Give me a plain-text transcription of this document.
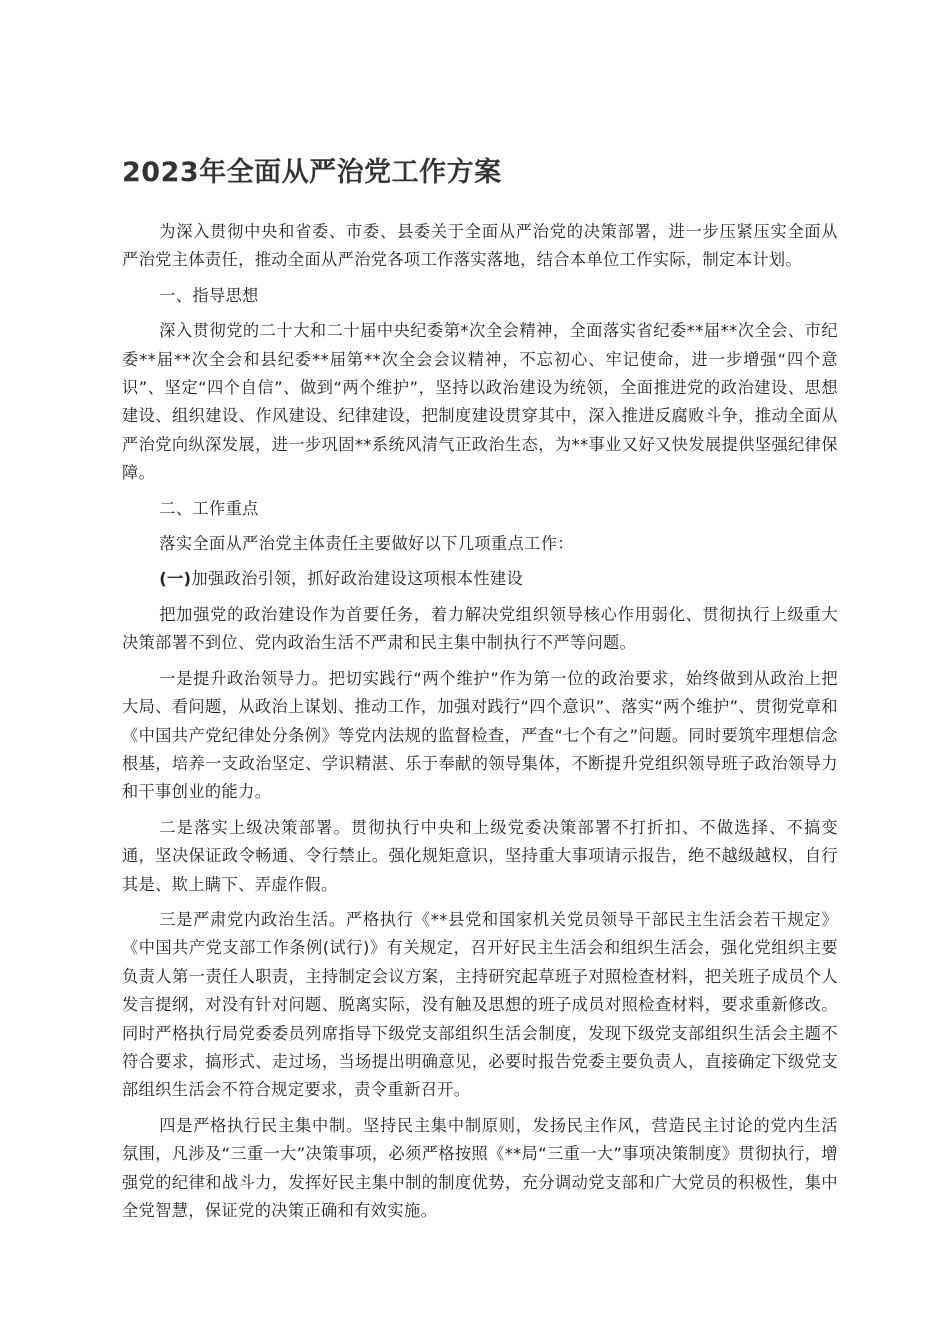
2023年全面从严治党工作方案

为深入贯彻中央和省委、市委、县委关于全面从严治党的决策部署，进一步压紧压实全面从严治党主体责任，推动全面从严治党各项工作落实落地，结合本单位工作实际，制定本计划。

一、指导思想

深入贯彻党的二十大和二十届中央纪委第*次全会精神，全面落实省纪委**届**次全会、市纪委**届**次全会和县纪委**届第**次全会会议精神，不忘初心、牢记使命，进一步增强“四个意识”、坚定“四个自信”、做到“两个维护”，坚持以政治建设为统领，全面推进党的政治建设、思想建设、组织建设、作风建设、纪律建设，把制度建设贯穿其中，深入推进反腐败斗争，推动全面从严治党向纵深发展，进一步巩固**系统风清气正政治生态，为**事业又好又快发展提供坚强纪律保障。

二、工作重点

落实全面从严治党主体责任主要做好以下几项重点工作：

(一)加强政治引领，抓好政治建设这项根本性建设

把加强党的政治建设作为首要任务，着力解决党组织领导核心作用弱化、贯彻执行上级重大决策部署不到位、党内政治生活不严肃和民主集中制执行不严等问题。

一是提升政治领导力。把切实践行“两个维护”作为第一位的政治要求，始终做到从政治上把大局、看问题，从政治上谋划、推动工作，加强对践行“四个意识”、落实“两个维护”、贯彻党章和《中国共产党纪律处分条例》等党内法规的监督检查，严查“七个有之”问题。同时要筑牢理想信念根基，培养一支政治坚定、学识精湛、乐于奉献的领导集体，不断提升党组织领导班子政治领导力和干事创业的能力。

二是落实上级决策部署。贯彻执行中央和上级党委决策部署不打折扣、不做选择、不搞变通，坚决保证政令畅通、令行禁止。强化规矩意识，坚持重大事项请示报告，绝不越级越权，自行其是、欺上瞒下、弄虚作假。

三是严肃党内政治生活。严格执行《**县党和国家机关党员领导干部民主生活会若干规定》《中国共产党支部工作条例(试行)》有关规定，召开好民主生活会和组织生活会，强化党组织主要负责人第一责任人职责，主持制定会议方案，主持研究起草班子对照检查材料，把关班子成员个人发言提纲，对没有针对问题、脱离实际，没有触及思想的班子成员对照检查材料，要求重新修改。同时严格执行局党委委员列席指导下级党支部组织生活会制度，发现下级党支部组织生活会主题不符合要求，搞形式、走过场，当场提出明确意见，必要时报告党委主要负责人，直接确定下级党支部组织生活会不符合规定要求，责令重新召开。

四是严格执行民主集中制。坚持民主集中制原则，发扬民主作风，营造民主讨论的党内生活氛围，凡涉及“三重一大”决策事项，必须严格按照《**局“三重一大”事项决策制度》贯彻执行，增强党的纪律和战斗力，发挥好民主集中制的制度优势，充分调动党支部和广大党员的积极性，集中全党智慧，保证党的决策正确和有效实施。
